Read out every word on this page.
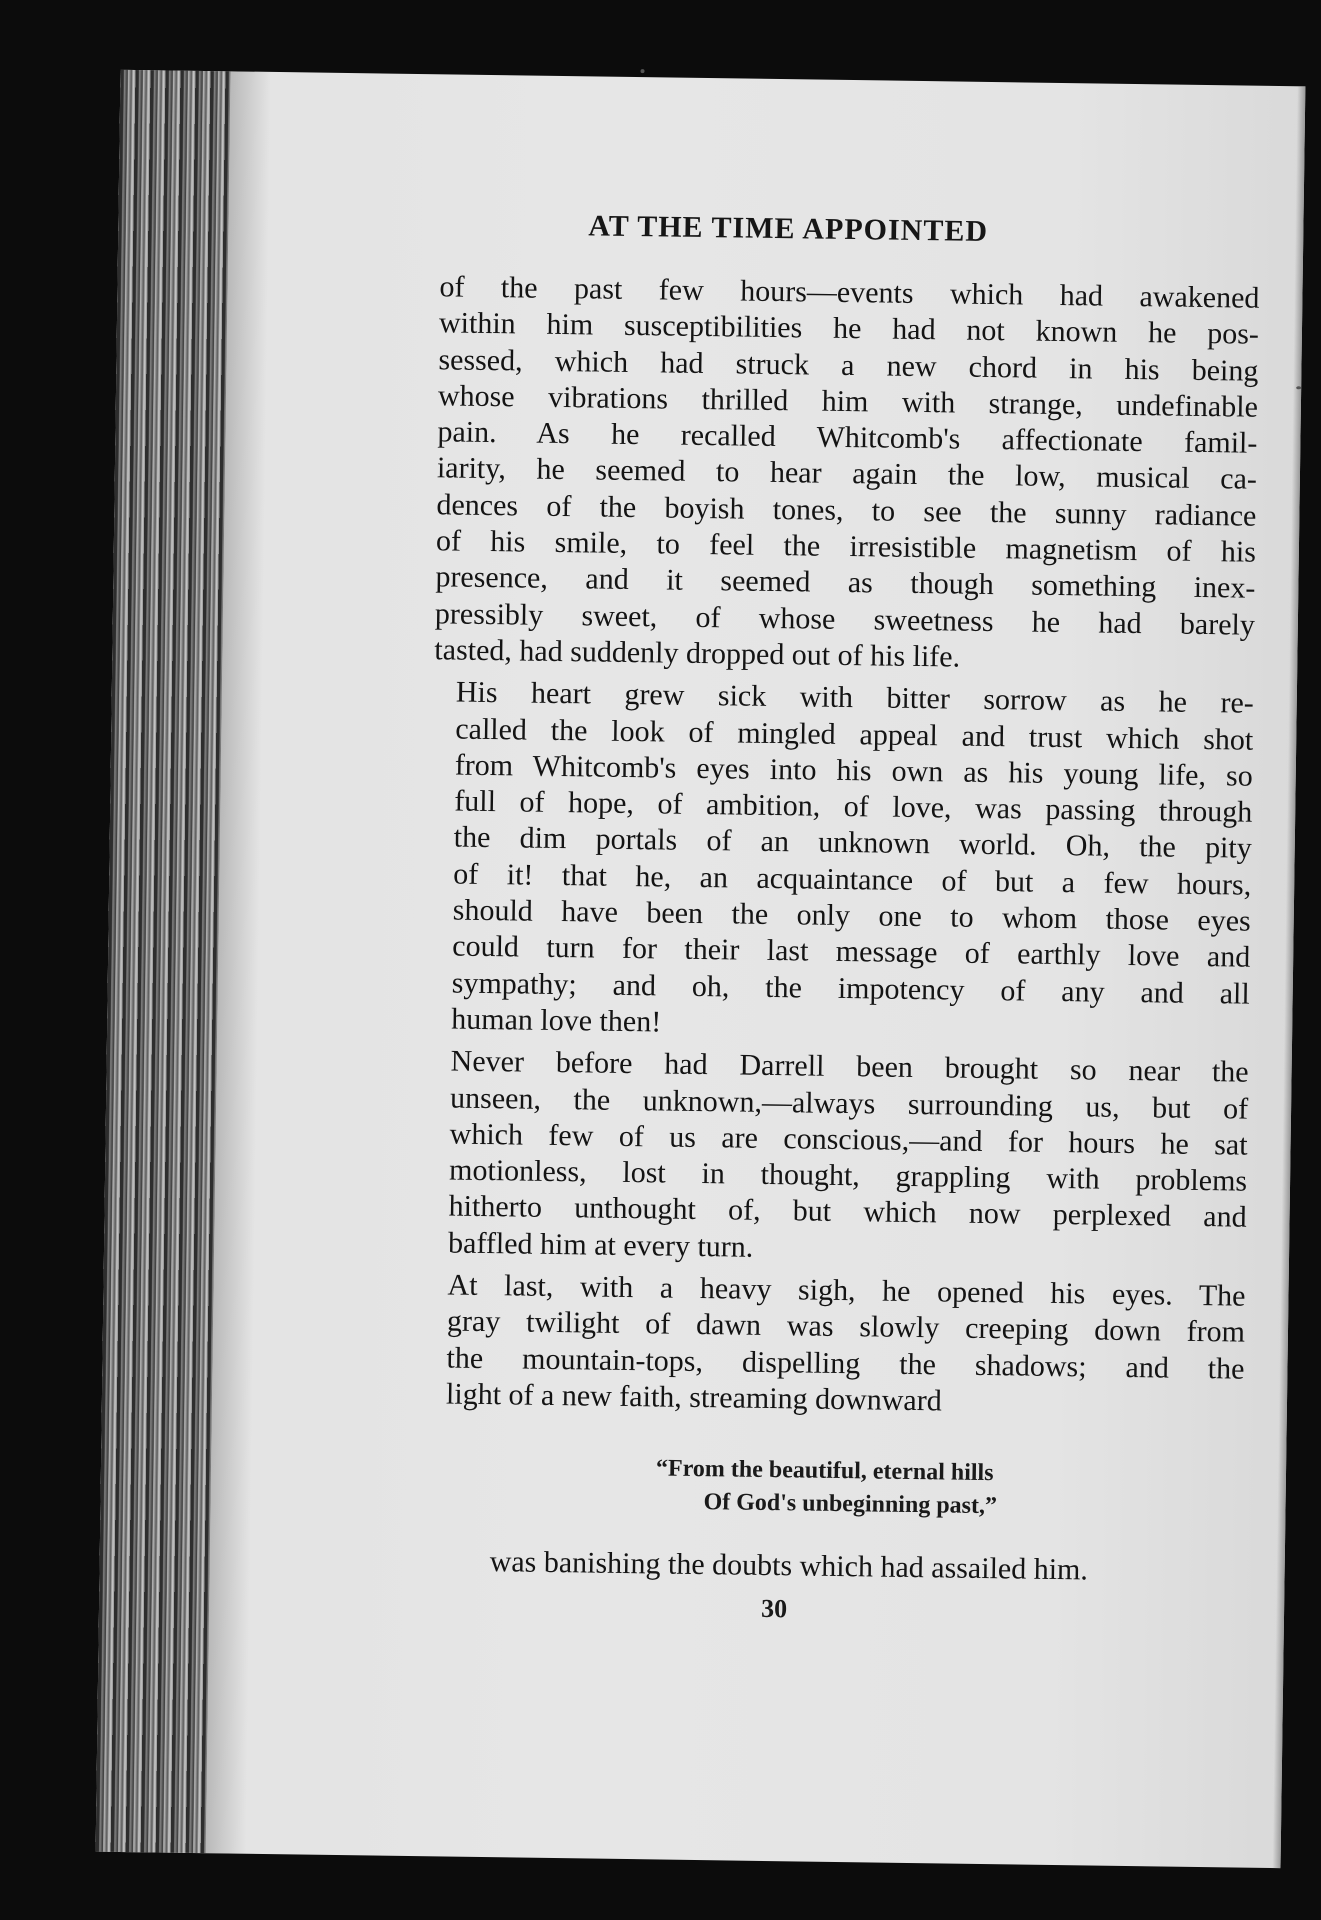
AT THE TIME APPOINTED
of the past few hours—events which had awakened
within him susceptibilities he had not known he pos-
sessed, which had struck a new chord in his being
whose vibrations thrilled him with strange, undefinable
pain. As he recalled Whitcomb's affectionate famil-
iarity, he seemed to hear again the low, musical ca-
dences of the boyish tones, to see the sunny radiance
of his smile, to feel the irresistible magnetism of his
presence, and it seemed as though something inex-
pressibly sweet, of whose sweetness he had barely
tasted, had suddenly dropped out of his life.
His heart grew sick with bitter sorrow as he re-
called the look of mingled appeal and trust which shot
from Whitcomb's eyes into his own as his young life, so
full of hope, of ambition, of love, was passing through
the dim portals of an unknown world. Oh, the pity
of it! that he, an acquaintance of but a few hours,
should have been the only one to whom those eyes
could turn for their last message of earthly love and
sympathy; and oh, the impotency of any and all
human love then!
Never before had Darrell been brought so near the
unseen, the unknown,—always surrounding us, but of
which few of us are conscious,—and for hours he sat
motionless, lost in thought, grappling with problems
hitherto unthought of, but which now perplexed and
baffled him at every turn.
At last, with a heavy sigh, he opened his eyes. The
gray twilight of dawn was slowly creeping down from
the mountain-tops, dispelling the shadows; and the
light of a new faith, streaming downward
“From the beautiful, eternal hills
Of God's unbeginning past,”
was banishing the doubts which had assailed him.
30
